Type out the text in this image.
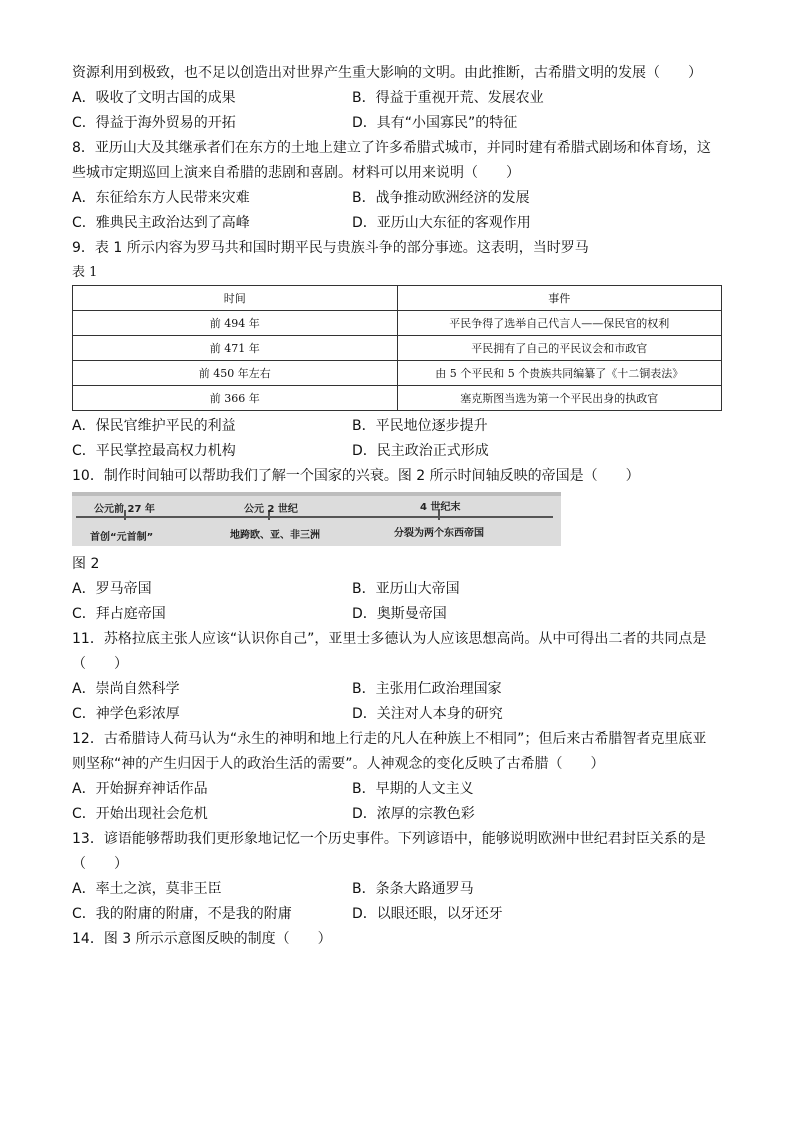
资源利用到极致，也不足以创造出对世界产生重大影响的文明。由此推断，古希腊文明的发展（　　）
A．吸收了文明古国的成果	B．得益于重视开荒、发展农业
C．得益于海外贸易的开拓	D．具有“小国寡民”的特征
8．亚历山大及其继承者们在东方的土地上建立了许多希腊式城市，并同时建有希腊式剧场和体育场，这
些城市定期巡回上演来自希腊的悲剧和喜剧。材料可以用来说明（　　）
A．东征给东方人民带来灾难	B．战争推动欧洲经济的发展
C．雅典民主政治达到了高峰	D．亚历山大东征的客观作用
9．表 1 所示内容为罗马共和国时期平民与贵族斗争的部分事迹。这表明，当时罗马
表 1
时间	事件
前 494 年	平民争得了选举自己代言人——保民官的权利
前 471 年	平民拥有了自己的平民议会和市政官
前 450 年左右	由 5 个平民和 5 个贵族共同编纂了《十二铜表法》
前 366 年	塞克斯图当选为第一个平民出身的执政官
A．保民官维护平民的利益	B．平民地位逐步提升
C．平民掌控最高权力机构	D．民主政治正式形成
10．制作时间轴可以帮助我们了解一个国家的兴衰。图 2 所示时间轴反映的帝国是（　　）
公元前 27 年	公元 2 世纪	4 世纪末
首创“元首制”	地跨欧、亚、非三洲	分裂为两个东西帝国
图 2
A．罗马帝国	B．亚历山大帝国
C．拜占庭帝国	D．奥斯曼帝国
11．苏格拉底主张人应该“认识你自己”，亚里士多德认为人应该思想高尚。从中可得出二者的共同点是
（　　）
A．崇尚自然科学	B．主张用仁政治理国家
C．神学色彩浓厚	D．关注对人本身的研究
12．古希腊诗人荷马认为“永生的神明和地上行走的凡人在种族上不相同”；但后来古希腊智者克里底亚
则坚称“神的产生归因于人的政治生活的需要”。人神观念的变化反映了古希腊（　　）
A．开始摒弃神话作品	B．早期的人文主义
C．开始出现社会危机	D．浓厚的宗教色彩
13．谚语能够帮助我们更形象地记忆一个历史事件。下列谚语中，能够说明欧洲中世纪君封臣关系的是
（　　）
A．率土之滨，莫非王臣	B．条条大路通罗马
C．我的附庸的附庸，不是我的附庸	D．以眼还眼，以牙还牙
14．图 3 所示示意图反映的制度（　　）
